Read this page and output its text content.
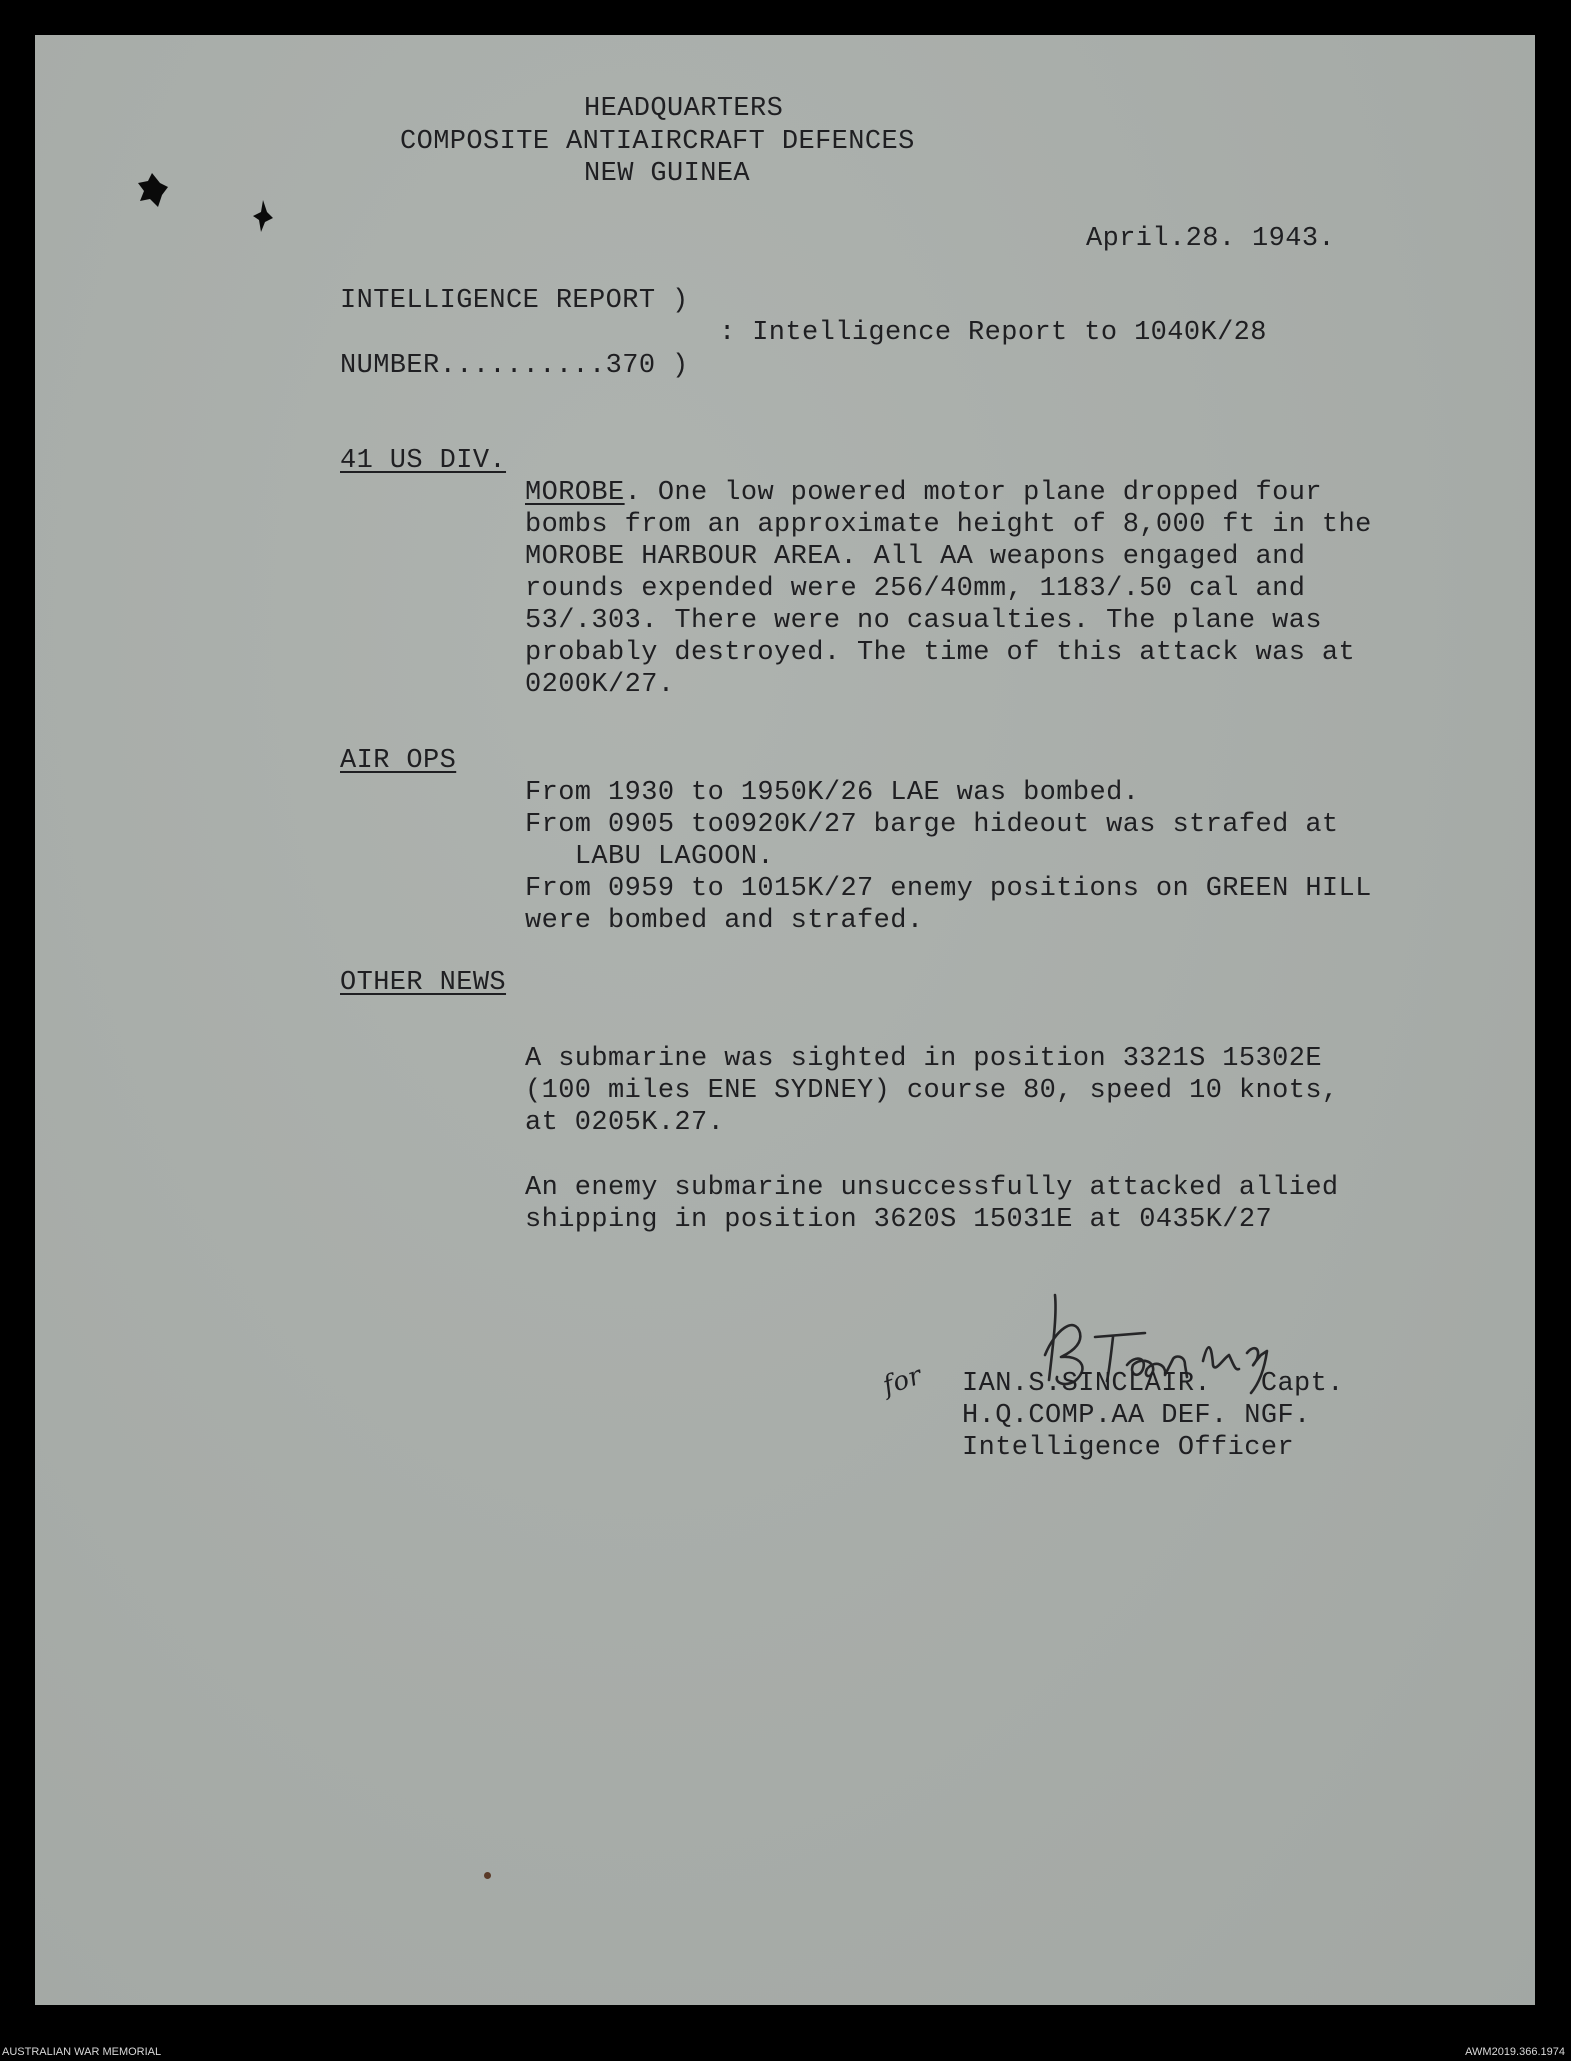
HEADQUARTERS
COMPOSITE ANTIAIRCRAFT DEFENCES
NEW GUINEA
April.28. 1943.
INTELLIGENCE REPORT )
: Intelligence Report to 1040K/28
NUMBER..........370 )
41 US DIV.
MOROBE. One low powered motor plane dropped four
bombs from an approximate height of 8,000 ft in the
MOROBE HARBOUR AREA. All AA weapons engaged and
rounds expended were 256/40mm, 1183/.50 cal and
53/.303. There were no casualties. The plane was
probably destroyed. The time of this attack was at
0200K/27.
AIR OPS
From 1930 to 1950K/26 LAE was bombed.
From 0905 to0920K/27 barge hideout was strafed at
LABU LAGOON.
From 0959 to 1015K/27 enemy positions on GREEN HILL
were bombed and strafed.
OTHER NEWS
A submarine was sighted in position 3321S 15302E
(100 miles ENE SYDNEY) course 80, speed 10 knots,
at 0205K.27.
An enemy submarine unsuccessfully attacked allied
shipping in position 3620S 15031E at 0435K/27
for IAN.S.SINCLAIR.   Capt.
H.Q.COMP.AA DEF. NGF.
Intelligence Officer
AUSTRALIAN WAR MEMORIAL	AWM2019.366.1974
